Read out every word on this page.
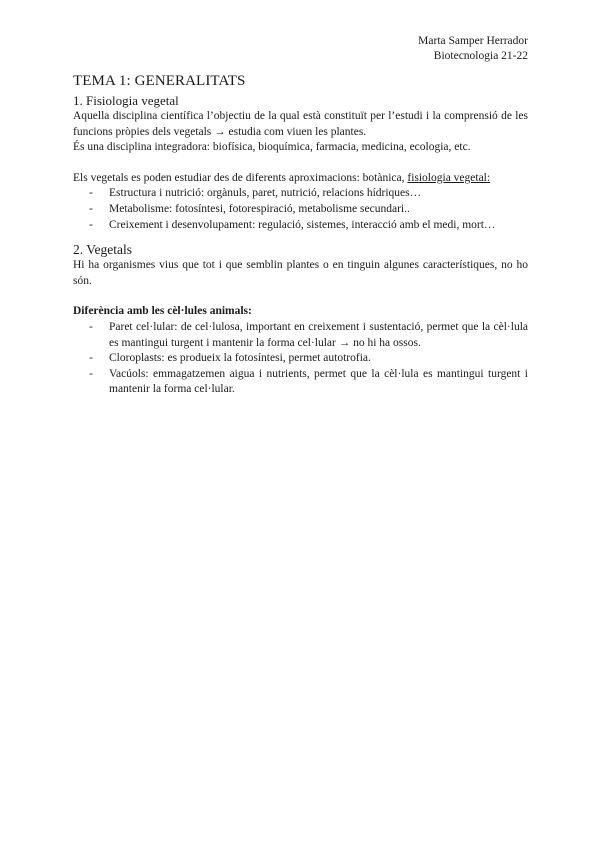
Marta Samper Herrador
Biotecnologia 21-22
TEMA 1: GENERALITATS
1. Fisiologia vegetal

Aquella disciplina científica l’objectiu de la qual està constituït per l’estudi i la comprensió de les funcions pròpies dels vegetals → estudia com viuen les plantes.

És una disciplina integradora: biofísica, bioquímica, farmacia, medicina, ecologia, etc.

Els vegetals es poden estudiar des de diferents aproximacions: botànica, fisiologia vegetal:

- Estructura i nutrició: orgànuls, paret, nutrició, relacions hídriques…
- Metabolisme: fotosíntesi, fotorespiració, metabolisme secundari..
- Creixement i desenvolupament: regulació, sistemes, interacció amb el medi, mort…
2. Vegetals

Hi ha organismes vius que tot i que semblin plantes o en tinguin algunes característiques, no ho són.

Diferència amb les cèl·lules animals:

- Paret cel·lular: de cel·lulosa, important en creixement i sustentació, permet que la cèl·lula es mantingui turgent i mantenir la forma cel·lular → no hi ha ossos.
- Cloroplasts: es produeix la fotosíntesi, permet autotrofia.
- Vacúols: emmagatzemen aigua i nutrients, permet que la cèl·lula es mantingui turgent i mantenir la forma cel·lular.
